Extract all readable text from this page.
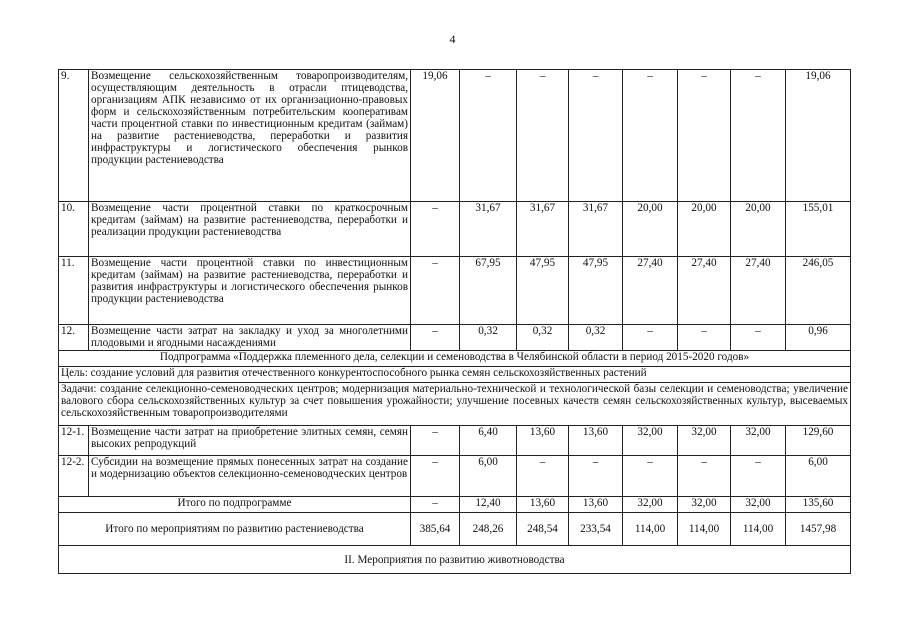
4
9.	Возмещение сельскохозяйственным товаропроизводителям, осуществляющим деятельность в отрасли птицеводства, организациям АПК независимо от их организационно-правовых форм и сельскохозяйственным потребительским кооперативам части процентной ставки по инвестиционным кредитам (займам) на развитие растениеводства, переработки и развития инфраструктуры и логистического обеспечения рынков продукции растениеводства	19,06	–	–	–	–	–	–	19,06
10.	Возмещение части процентной ставки по краткосрочным кредитам (займам) на развитие растениеводства, переработки и реализации продукции растениеводства	–	31,67	31,67	31,67	20,00	20,00	20,00	155,01
11.	Возмещение части процентной ставки по инвестиционным кредитам (займам) на развитие растениеводства, переработки и развития инфраструктуры и логистического обеспечения рынков продукции растениеводства	–	67,95	47,95	47,95	27,40	27,40	27,40	246,05
12.	Возмещение части затрат на закладку и уход за многолетними плодовыми и ягодными насаждениями	–	0,32	0,32	0,32	–	–	–	0,96
Подпрограмма «Поддержка племенного дела, селекции и семеноводства в Челябинской области в период 2015-2020 годов»									
Цель: создание условий для развития отечественного конкурентоспособного рынка семян сельскохозяйственных растений									
Задачи: создание селекционно-семеноводческих центров; модернизация материально-технической и технологической базы селекции и семеноводства; увеличение валового сбора сельскохозяйственных культур за счет повышения урожайности; улучшение посевных качеств семян сельскохозяйственных культур, высеваемых сельскохозяйственным товаропроизводителями									
12-1.	Возмещение части затрат на приобретение элитных семян, семян высоких репродукций	–	6,40	13,60	13,60	32,00	32,00	32,00	129,60
12-2.	Субсидии на возмещение прямых понесенных затрат на создание и модернизацию объектов селекционно-семеноводческих центров	–	6,00	–	–	–	–	–	6,00
Итого по подпрограмме		–	12,40	13,60	13,60	32,00	32,00	32,00	135,60
Итого по мероприятиям по развитию растениеводства		385,64	248,26	248,54	233,54	114,00	114,00	114,00	1457,98
II. Мероприятия по развитию животноводства									
